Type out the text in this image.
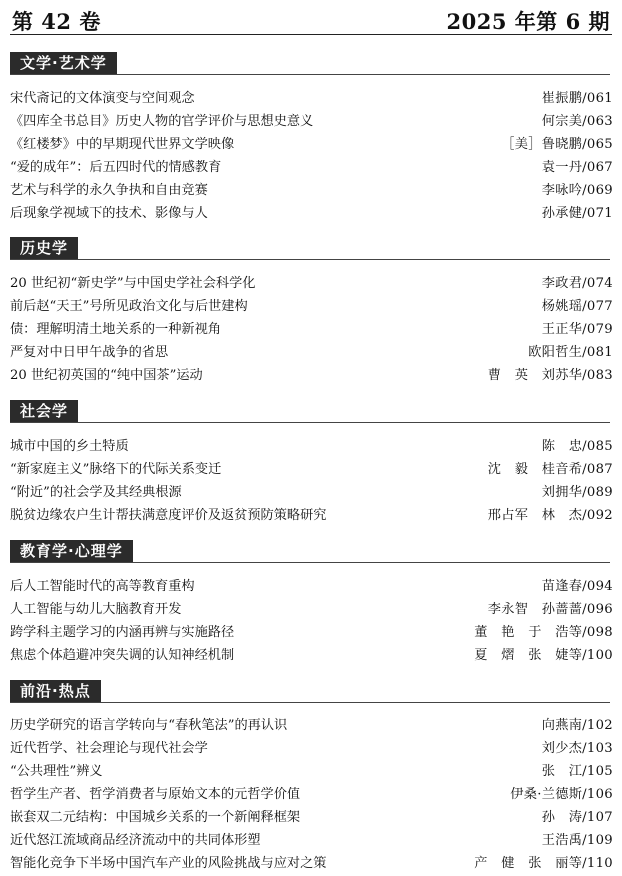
第 42 卷	2025 年第 6 期
文学·艺术学
宋代斋记的文体演变与空间观念	崔振鹏/061
《四库全书总目》历史人物的官学评价与思想史意义	何宗美/063
《红楼梦》中的早期现代世界文学映像	［美］鲁晓鹏/065
“爱的成年”：后五四时代的情感教育	袁一丹/067
艺术与科学的永久争执和自由竞赛	李咏吟/069
后现象学视域下的技术、影像与人	孙承健/071
历史学
20 世纪初“新史学”与中国史学社会科学化	李政君/074
前后赵“天王”号所见政治文化与后世建构	杨姚瑶/077
债：理解明清土地关系的一种新视角	王正华/079
严复对中日甲午战争的省思	欧阳哲生/081
20 世纪初英国的“纯中国茶”运动	曹　英　刘苏华/083
社会学
城市中国的乡土特质	陈　忠/085
“新家庭主义”脉络下的代际关系变迁	沈　毅　桂音希/087
“附近”的社会学及其经典根源	刘拥华/089
脱贫边缘农户生计帮扶满意度评价及返贫预防策略研究	邢占军　林　杰/092
教育学·心理学
后人工智能时代的高等教育重构	苗逢春/094
人工智能与幼儿大脑教育开发	李永智　孙蔷蔷/096
跨学科主题学习的内涵再辨与实施路径	董　艳　于　浩等/098
焦虑个体趋避冲突失调的认知神经机制	夏　熠　张　婕等/100
前沿·热点
历史学研究的语言学转向与“春秋笔法”的再认识	向燕南/102
近代哲学、社会理论与现代社会学	刘少杰/103
“公共理性”辨义	张　江/105
哲学生产者、哲学消费者与原始文本的元哲学价值	伊桑·兰德斯/106
嵌套双二元结构：中国城乡关系的一个新阐释框架	孙　涛/107
近代怒江流域商品经济流动中的共同体形塑	王浩禹/109
智能化竞争下半场中国汽车产业的风险挑战与应对之策	产　健　张　丽等/110
